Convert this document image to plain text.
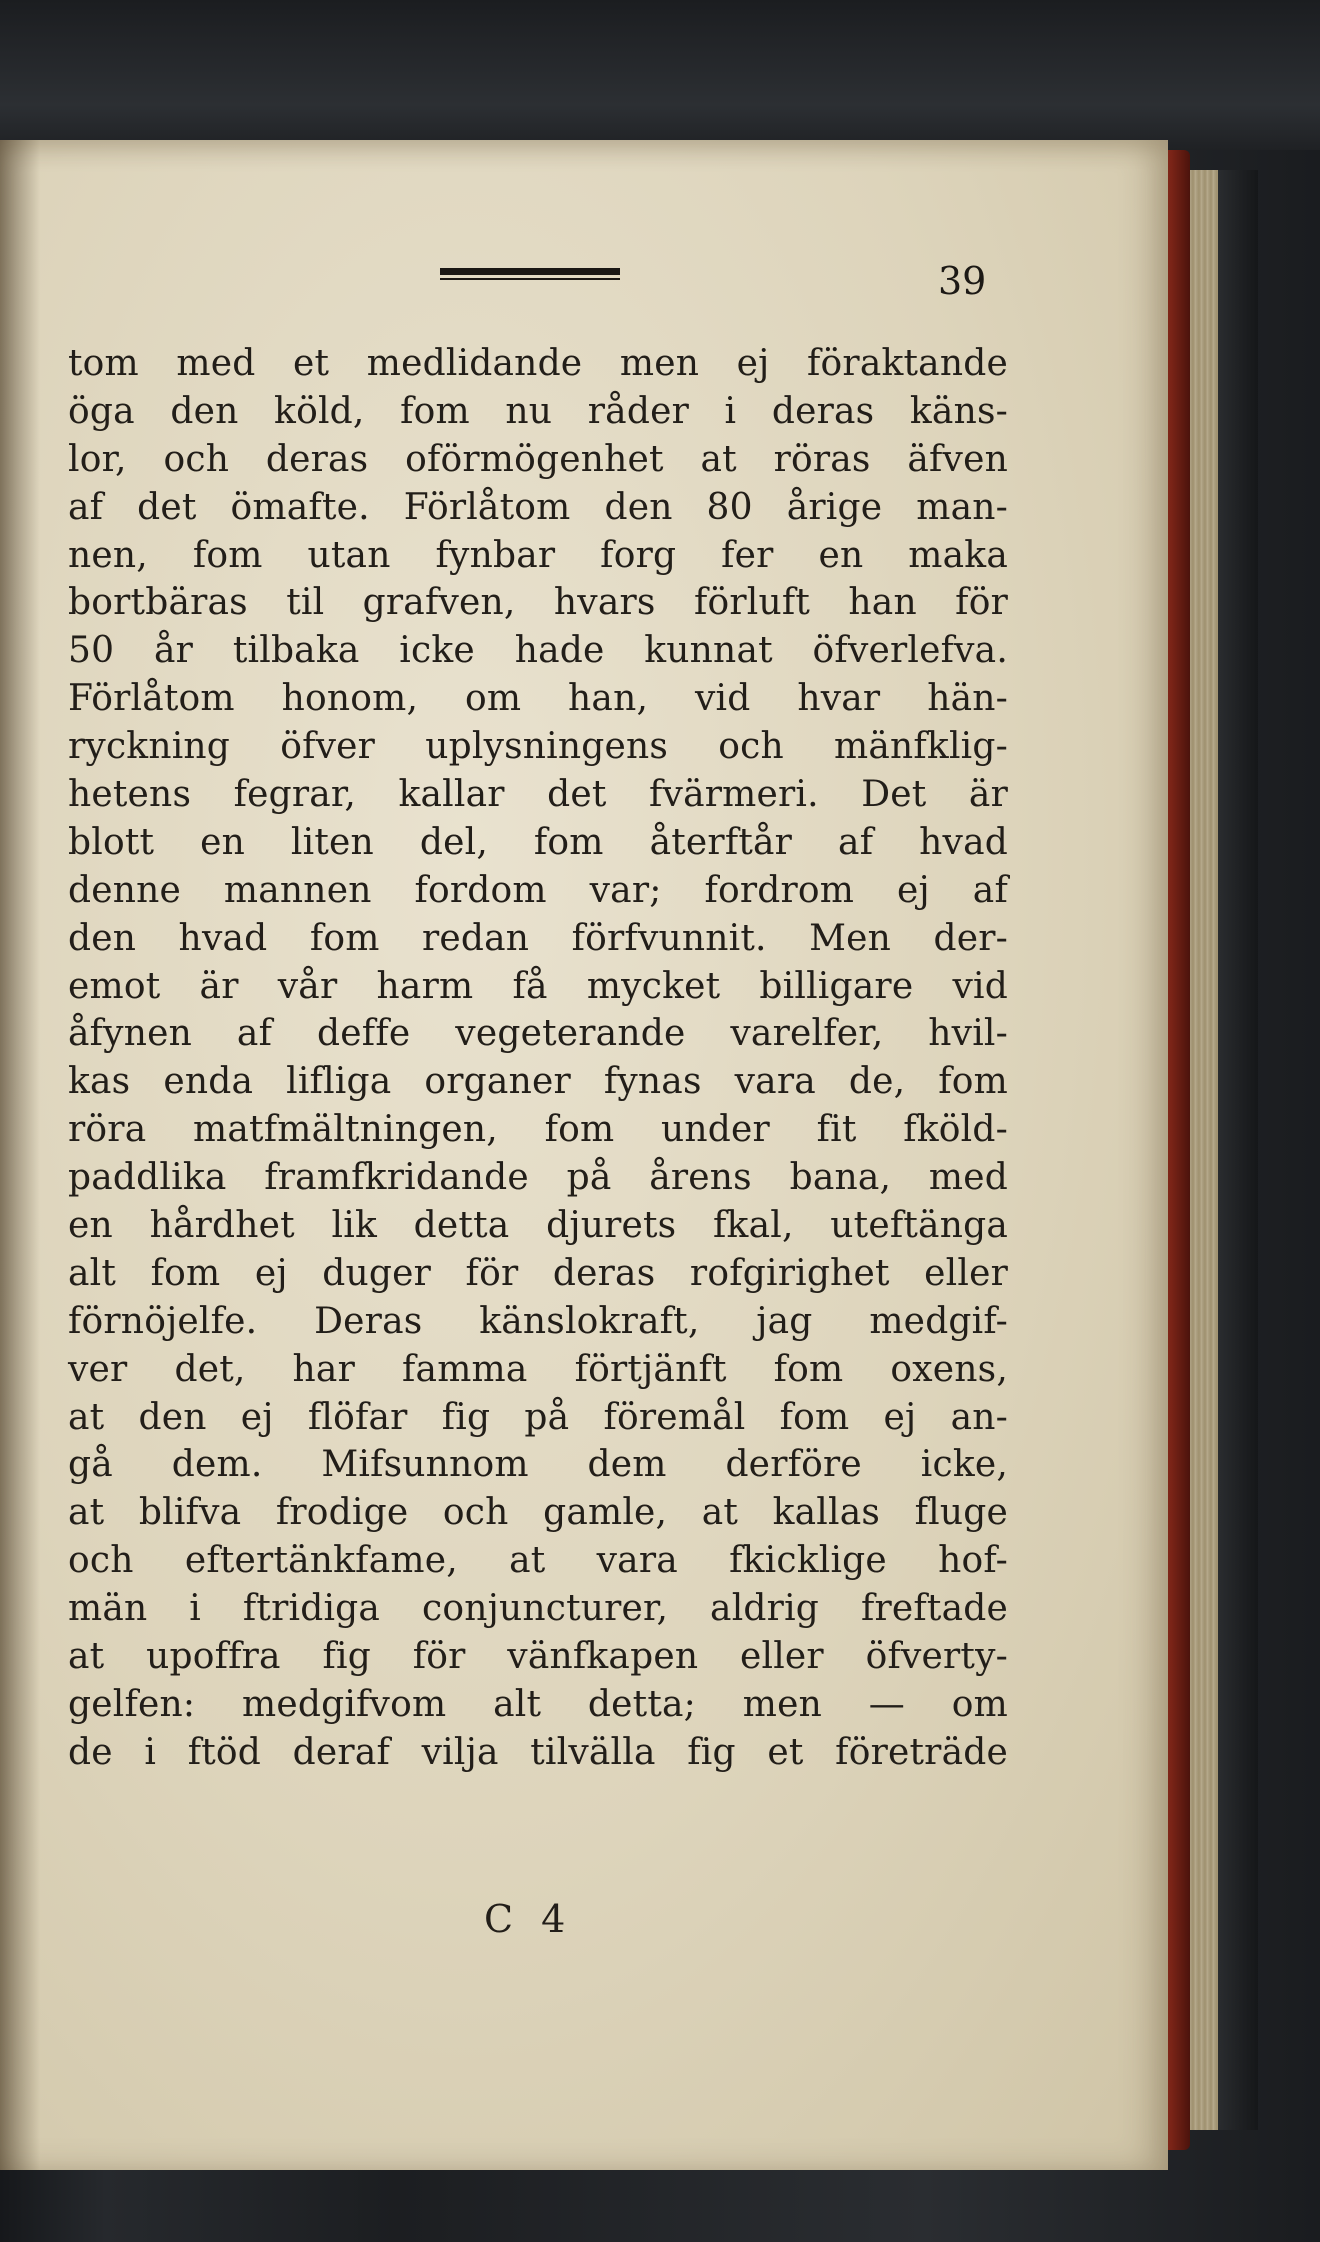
39
tom med et medlidande men ej föraktande
öga den köld, fom nu råder i deras käns-
lor, och deras oförmögenhet at röras äfven
af det ömafte. Förlåtom den 80 årige man-
nen, fom utan fynbar forg fer en maka
bortbäras til grafven, hvars förluft han för
50 år tilbaka icke hade kunnat öfverlefva.
Förlåtom honom, om han, vid hvar hän-
ryckning öfver uplysningens och mänfklig-
hetens fegrar, kallar det fvärmeri. Det är
blott en liten del, fom återftår af hvad
denne mannen fordom var; fordrom ej af
den hvad fom redan förfvunnit. Men der-
emot är vår harm få mycket billigare vid
åfynen af deffe vegeterande varelfer, hvil-
kas enda lifliga organer fynas vara de, fom
röra matfmältningen, fom under fit fköld-
paddlika framfkridande på årens bana, med
en hårdhet lik detta djurets fkal, uteftänga
alt fom ej duger för deras rofgirighet eller
förnöjelfe. Deras känslokraft, jag medgif-
ver det, har famma förtjänft fom oxens,
at den ej flöfar fig på föremål fom ej an-
gå dem. Mifsunnom dem derföre icke,
at blifva frodige och gamle, at kallas fluge
och eftertänkfame, at vara fkicklige hof-
män i ftridiga conjuncturer, aldrig freftade
at upoffra fig för vänfkapen eller öfverty-
gelfen: medgifvom alt detta; men — om
de i ftöd deraf vilja tilvälla fig et företräde
C 4
